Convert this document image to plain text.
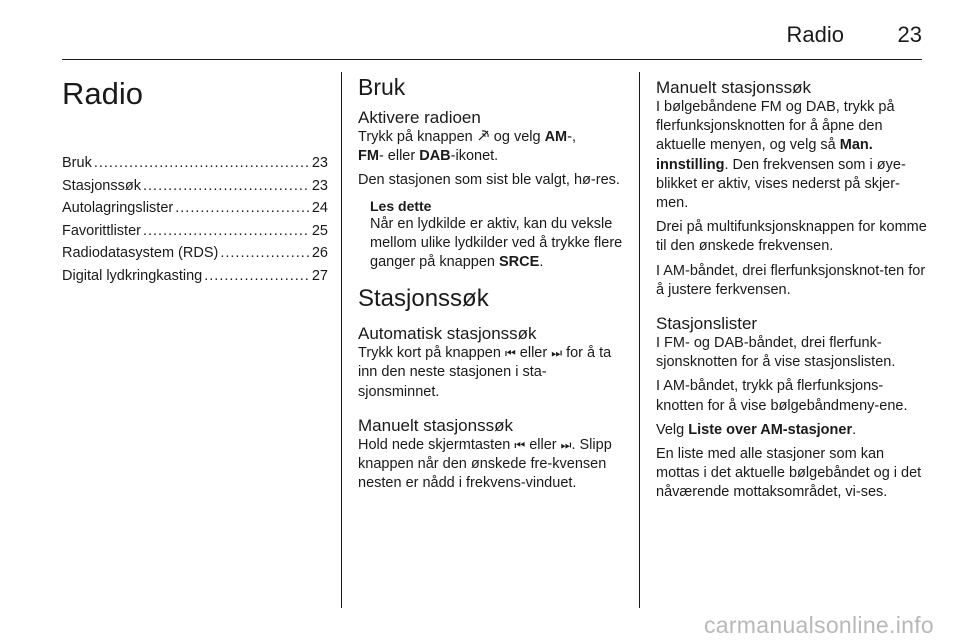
Radio 23
Radio
Bruk .....	23
Stasjonssøk .....	23
Autolagringslister .....	24
Favorittlister .....	25
Radiodatasystem (RDS) .....	26
Digital lydkringkasting .....	27
Bruk
Aktivere radioen

Trykk på knappen og velg AM-,
FM- eller DAB-ikonet.

Den stasjonen som sist ble valgt, hø-res.

Les dette

Når en lydkilde er aktiv, kan du veksle mellom ulike lydkilder ved å trykke flere ganger på knappen SRCE.

Stasjonssøk
Automatisk stasjonssøk

Trykk kort på knappen ⏮ eller ⏭ for å ta inn den neste stasjonen i sta-sjonsminnet.

Manuelt stasjonssøk

Hold nede skjermtasten ⏮ eller ⏭. Slipp knappen når den ønskede fre-kvensen nesten er nådd i frekvens-vinduet.

Manuelt stasjonssøk

I bølgebåndene FM og DAB, trykk på flerfunksjonsknotten for å åpne den aktuelle menyen, og velg så Man. innstilling. Den frekvensen som i øye-blikket er aktiv, vises nederst på skjer-men.

Drei på multifunksjonsknappen for komme til den ønskede frekvensen.

I AM-båndet, drei flerfunksjonsknot-ten for å justere ferkvensen.

Stasjonslister

I FM- og DAB-båndet, drei flerfunk-sjonsknotten for å vise stasjonslisten.

I AM-båndet, trykk på flerfunksjons-knotten for å vise bølgebåndmeny-ene.

Velg Liste over AM-stasjoner.

En liste med alle stasjoner som kan mottas i det aktuelle bølgebåndet og i det nåværende mottaksområdet, vi-ses.

carmanualsonline.info
